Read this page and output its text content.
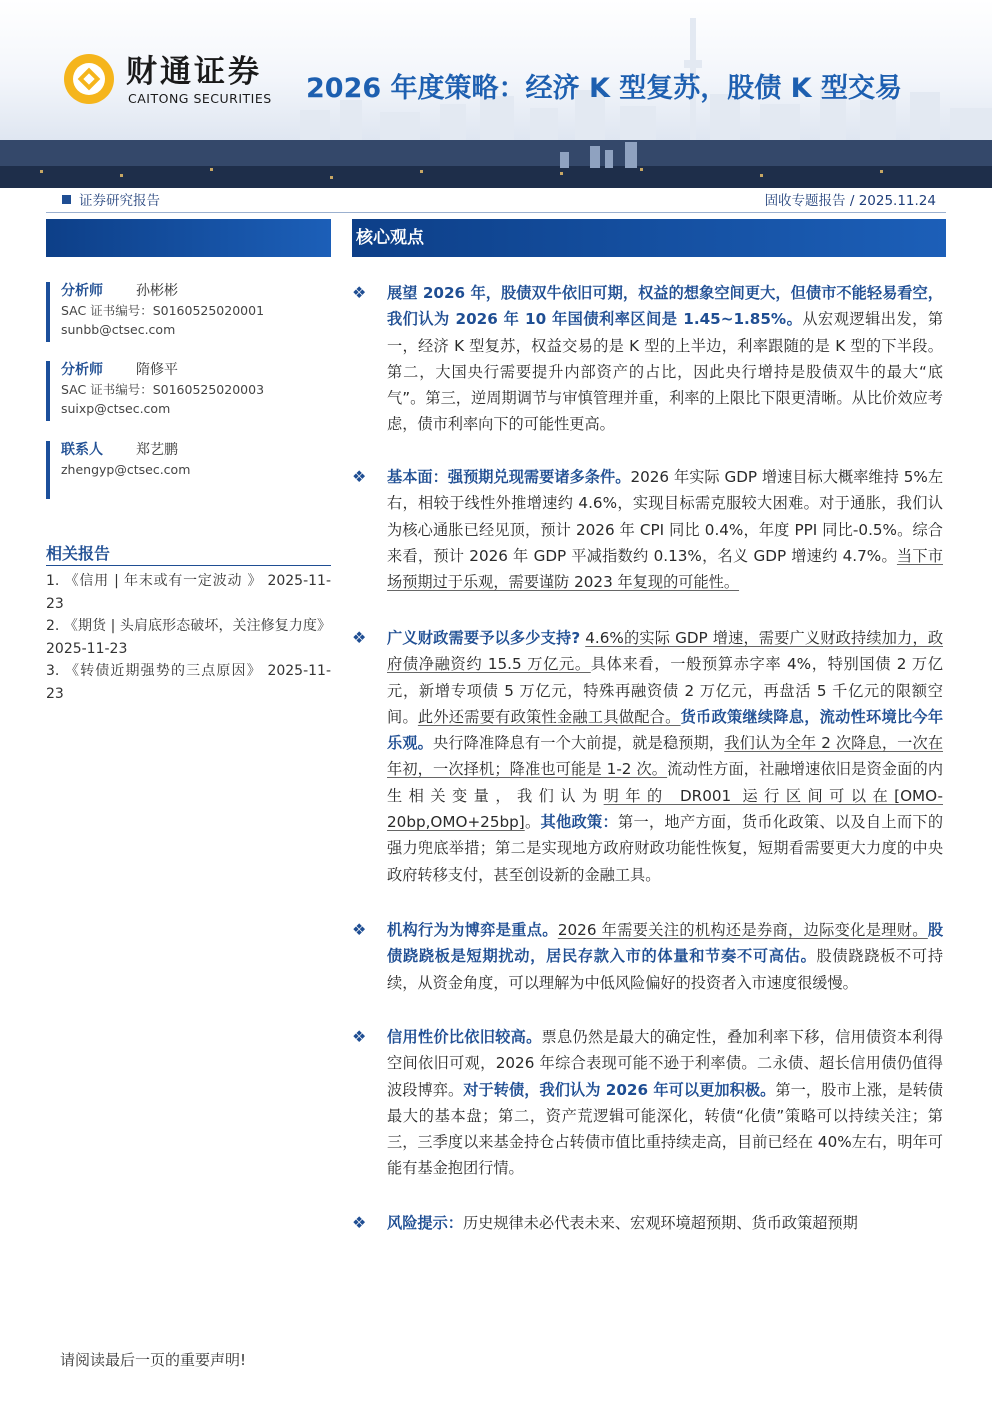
财通证券
CAITONG SECURITIES 2026 年度策略：经济 K 型复苏，股债 K 型交易
证券研究报告	固收专题报告 / 2025.11.24
分析师 孙彬彬
SAC 证书编号：S0160525020001
sunbb@ctsec.com
分析师 隋修平
SAC 证书编号：S0160525020003
suixp@ctsec.com
联系人 郑艺鹏
zhengyp@ctsec.com
相关报告
1. 《信用 | 年末或有一定波动 》 2025-11-23
2. 《期货 | 头肩底形态破坏，关注修复力度》 2025-11-23
3. 《转债近期强势的三点原因》 2025-11-23
核心观点
❖ 展望 2026 年，股债双牛依旧可期，权益的想象空间更大，但债市不能轻易看空，我们认为 2026 年 10 年国债利率区间是 1.45~1.85%。从宏观逻辑出发，第一，经济 K 型复苏，权益交易的是 K 型的上半边，利率跟随的是 K 型的下半段。第二，大国央行需要提升内部资产的占比，因此央行增持是股债双牛的最大“底气”。第三，逆周期调节与审慎管理并重，利率的上限比下限更清晰。从比价效应考虑，债市利率向下的可能性更高。
❖ 基本面：强预期兑现需要诸多条件。2026 年实际 GDP 增速目标大概率维持 5%左右，相较于线性外推增速约 4.6%，实现目标需克服较大困难。对于通胀，我们认为核心通胀已经见顶，预计 2026 年 CPI 同比 0.4%，年度 PPI 同比-0.5%。综合来看，预计 2026 年 GDP 平减指数约 0.13%，名义 GDP 增速约 4.7%。当下市场预期过于乐观，需要谨防 2023 年复现的可能性。
❖ 广义财政需要予以多少支持? 4.6%的实际 GDP 增速，需要广义财政持续加力，政府债净融资约 15.5 万亿元。具体来看，一般预算赤字率 4%，特别国债 2 万亿元，新增专项债 5 万亿元，特殊再融资债 2 万亿元，再盘活 5 千亿元的限额空间。此外还需要有政策性金融工具做配合。货币政策继续降息，流动性环境比今年乐观。央行降准降息有一个大前提，就是稳预期，我们认为全年 2 次降息，一次在年初，一次择机；降准也可能是 1-2 次。流动性方面，社融增速依旧是资金面的内生相关变量，我们认为明年的 DR001 运行区间可以在[OMO-20bp,OMO+25bp]。其他政策：第一，地产方面，货币化政策、以及自上而下的强力兜底举措；第二是实现地方政府财政功能性恢复，短期看需要更大力度的中央政府转移支付，甚至创设新的金融工具。
❖ 机构行为为博弈是重点。2026 年需要关注的机构还是券商，边际变化是理财。股债跷跷板是短期扰动，居民存款入市的体量和节奏不可高估。股债跷跷板不可持续，从资金角度，可以理解为中低风险偏好的投资者入市速度很缓慢。
❖ 信用性价比依旧较高。票息仍然是最大的确定性，叠加利率下移，信用债资本利得空间依旧可观，2026 年综合表现可能不逊于利率债。二永债、超长信用债仍值得波段博弈。对于转债，我们认为 2026 年可以更加积极。第一，股市上涨，是转债最大的基本盘；第二，资产荒逻辑可能深化，转债“化债”策略可以持续关注；第三，三季度以来基金持仓占转债市值比重持续走高，目前已经在 40%左右，明年可能有基金抱团行情。
❖ 风险提示：历史规律未必代表未来、宏观环境超预期、货币政策超预期
请阅读最后一页的重要声明!
